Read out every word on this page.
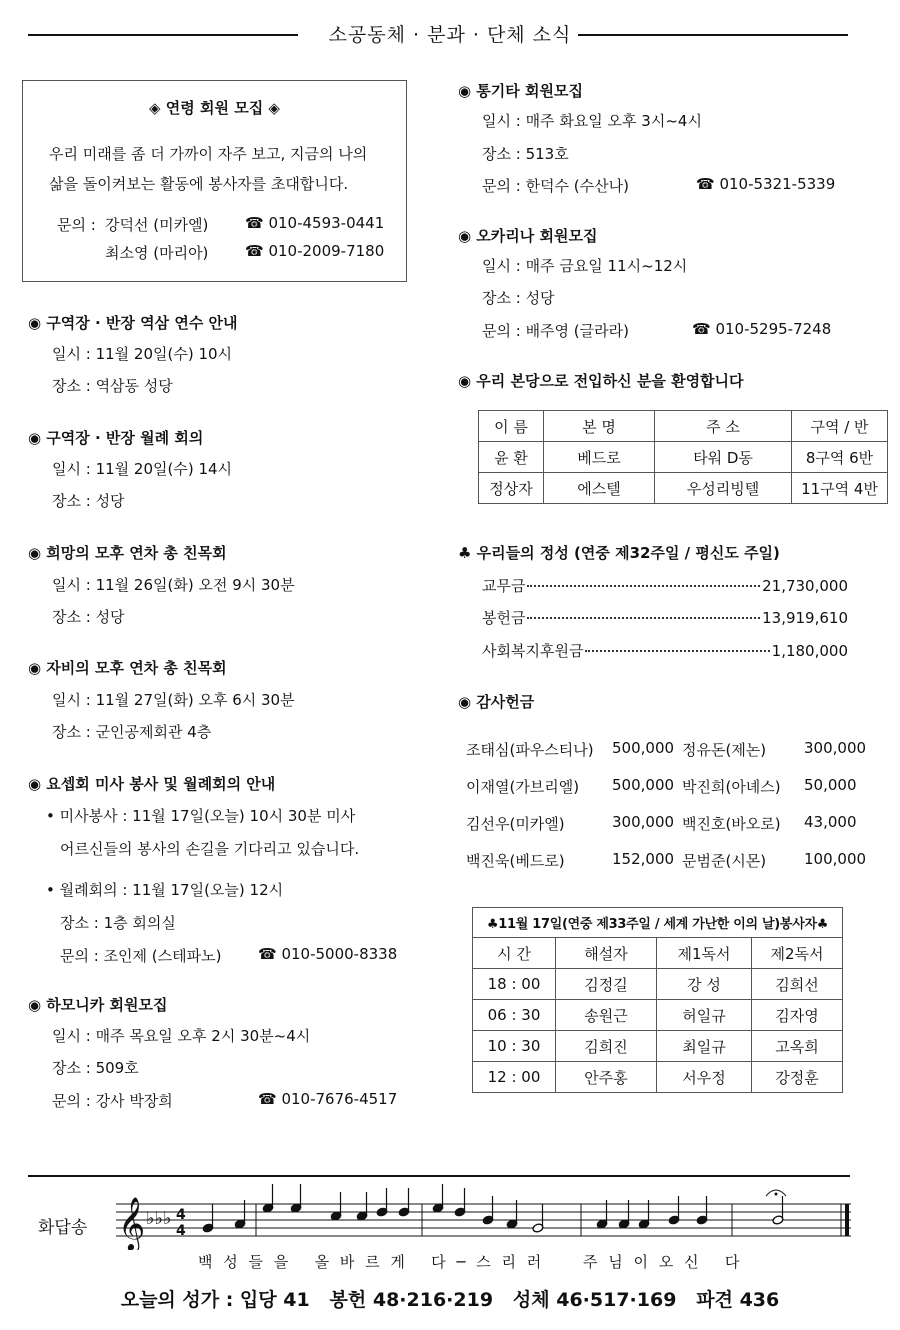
소공동체 · 분과 · 단체 소식
◈ 연령 회원 모집 ◈
우리 미래를 좀 더 가까이 자주 보고, 지금의 나의
삶을 돌이켜보는 활동에 봉사자를 초대합니다.
문의 : 강덕선 (미카엘) ☎ 010-4593-0441
최소영 (마리아) ☎ 010-2009-7180
◉ 구역장 · 반장 역삼 연수 안내
일시 : 11월 20일(수) 10시
장소 : 역삼동 성당
◉ 구역장 · 반장 월례 회의
일시 : 11월 20일(수) 14시
장소 : 성당
◉ 희망의 모후 연차 총 친목회
일시 : 11월 26일(화) 오전 9시 30분
장소 : 성당
◉ 자비의 모후 연차 총 친목회
일시 : 11월 27일(화) 오후 6시 30분
장소 : 군인공제회관 4층
◉ 요셉회 미사 봉사 및 월례회의 안내
• 미사봉사 : 11월 17일(오늘) 10시 30분 미사
어르신들의 봉사의 손길을 기다리고 있습니다.
• 월례회의 : 11월 17일(오늘) 12시
장소 : 1층 회의실
문의 : 조인제 (스테파노) ☎ 010-5000-8338
◉ 하모니카 회원모집
일시 : 매주 목요일 오후 2시 30분~4시
장소 : 509호
문의 : 강사 박장희	☎ 010-7676-4517
◉ 통기타 회원모집
일시 : 매주 화요일 오후 3시~4시
장소 : 513호
문의 : 한덕수 (수산나)	☎ 010-5321-5339
◉ 오카리나 회원모집
일시 : 매주 금요일 11시~12시
장소 : 성당
문의 : 배주영 (글라라)	☎ 010-5295-7248
◉ 우리 본당으로 전입하신 분을 환영합니다
이 름	본 명	주 소	구역 / 반
윤 환	베드로	타워 D동	8구역 6반
정상자	에스텔	우성리빙텔	11구역 4반
♣ 우리들의 정성 (연중 제32주일 / 평신도 주일)
교무금	21,730,000
봉헌금	13,919,610
사회복지후원금	1,180,000
◉ 감사헌금
조태심(파우스티나) 500,000 정유돈(제논)	300,000
이재열(가브리엘) 500,000 박진희(아녜스) 50,000
김선우(미카엘)	300,000 백진호(바오로) 43,000
백진욱(베드로)	152,000 문범준(시몬)	100,000
♣11월 17일(연중 제33주일 / 세계 가난한 이의 날)봉사자♣			
시 간	해설자	제1독서	제2독서
18 : 00	김정길	강 성	김희선
06 : 30	송원근	허일규	김자영
10 : 30	김희진	최일규	고옥희
12 : 00	안주홍	서우정	강정훈
화답송 𝄞 ♭♭♭ 4
4
백 성 들 을   올 바 르 게   다 ─ 스 리 러     주 님 이 오 신   다
오늘의 성가 : 입당 41   봉헌 48·216·219   성체 46·517·169   파견 436
